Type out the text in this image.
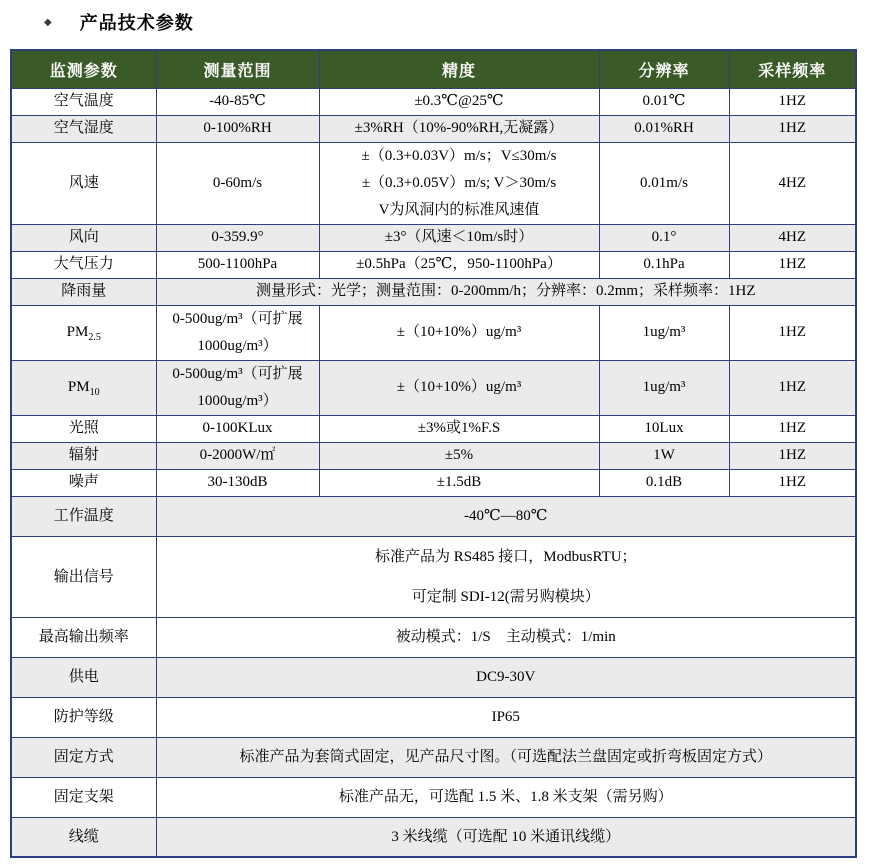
◆ 产品技术参数
监测参数	测量范围	精度	分辨率	采样频率
空气温度	-40-85℃	±0.3℃@25℃	0.01℃	1HZ
空气湿度	0-100%RH	±3%RH（10%-90%RH,无凝露）	0.01%RH	1HZ
风速	0-60m/s	±（0.3+0.03V）m/s；V≤30m/s
±（0.3+0.05V）m/s; V＞30m/s
V为风洞内的标准风速值	0.01m/s	4HZ
风向	0-359.9°	±3°（风速＜10m/s时）	0.1°	4HZ
大气压力	500-1100hPa	±0.5hPa（25℃，950-1100hPa）	0.1hPa	1HZ
降雨量	测量形式：光学；测量范围：0-200mm/h；分辨率：0.2mm；采样频率：1HZ			
$PM_{2.5}$	0-500ug/m³（可扩展
1000ug/m³）	±（10+10%）ug/m³	1ug/m³	1HZ
$PM_{10}$	0-500ug/m³（可扩展
1000ug/m³）	±（10+10%）ug/m³	1ug/m³	1HZ
光照	0-100KLux	±3%或1%F.S	10Lux	1HZ
辐射	0-2000W/㎡	±5%	1W	1HZ
噪声	30-130dB	±1.5dB	0.1dB	1HZ
工作温度	-40℃—80℃			
输出信号	标准产品为 RS485 接口，ModbusRTU；
可定制 SDI-12(需另购模块）			

最高输出频率	被动模式：1/S　主动模式：1/min			
供电	DC9-30V			
防护等级	IP65			
固定方式	标准产品为套筒式固定，见产品尺寸图。（可选配法兰盘固定或折弯板固定方式）			
固定支架	标准产品无，可选配 1.5 米、1.8 米支架（需另购）			
线缆	3 米线缆（可选配 10 米通讯线缆）			
